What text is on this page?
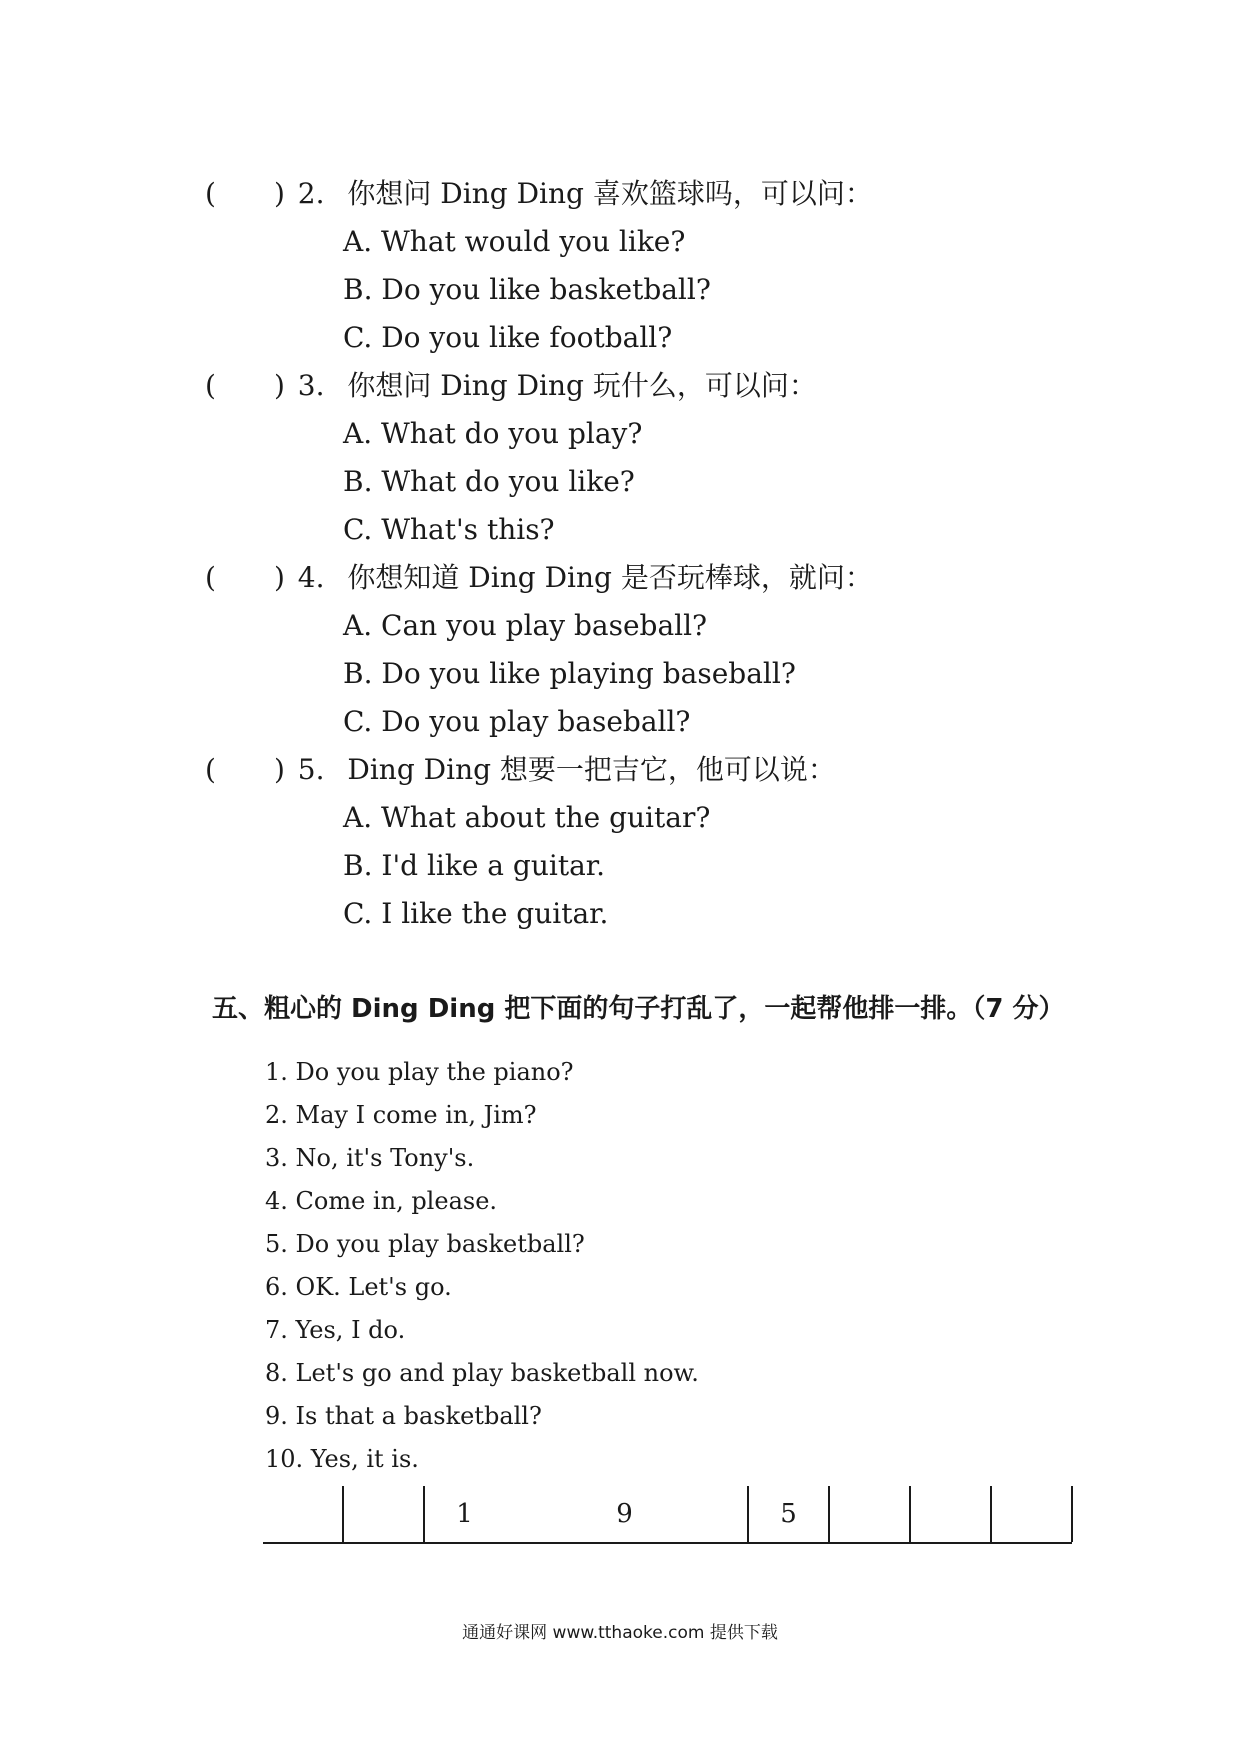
( ) 2. 你想问 Ding Ding 喜欢篮球吗，可以问：
A. What would you like?
B. Do you like basketball?
C. Do you like football?
( ) 3. 你想问 Ding Ding 玩什么，可以问：
A. What do you play?
B. What do you like?
C. What's this?
( ) 4. 你想知道 Ding Ding 是否玩棒球，就问：
A. Can you play baseball?
B. Do you like playing baseball?
C. Do you play baseball?
( ) 5. Ding Ding 想要一把吉它，他可以说：
A. What about the guitar?
B. I'd like a guitar.
C. I like the guitar.
五、粗心的 Ding Ding 把下面的句子打乱了，一起帮他排一排。（7 分）
1. Do you play the piano?
2. May I come in, Jim?
3. No, it's Tony's.
4. Come in, please.
5. Do you play basketball?
6. OK. Let's go.
7. Yes, I do.
8. Let's go and play basketball now.
9. Is that a basketball?
10. Yes, it is.
1	9	5
通通好课网 www.tthaoke.com 提供下载
